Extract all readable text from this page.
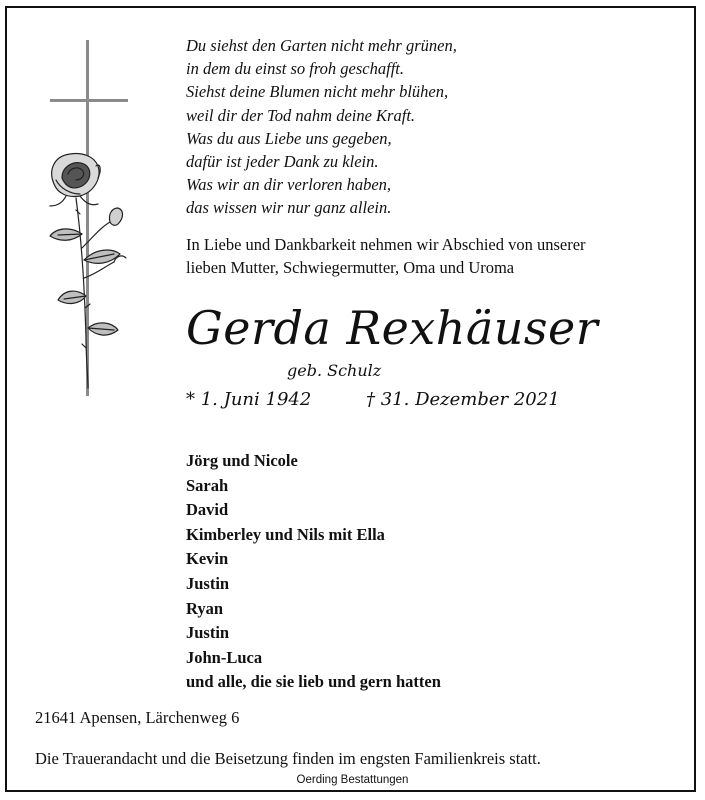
Du siehst den Garten nicht mehr grünen,
in dem du einst so froh geschafft.
Siehst deine Blumen nicht mehr blühen,
weil dir der Tod nahm deine Kraft.
Was du aus Liebe uns gegeben,
dafür ist jeder Dank zu klein.
Was wir an dir verloren haben,
das wissen wir nur ganz allein.
In Liebe und Dankbarkeit nehmen wir Abschied von unserer
lieben Mutter, Schwiegermutter, Oma und Uroma
Gerda Rexhäuser
geb. Schulz
* 1. Juni 1942	† 31. Dezember 2021
Jörg und Nicole
Sarah
David
Kimberley und Nils mit Ella
Kevin
Justin
Ryan
Justin
John-Luca
und alle, die sie lieb und gern hatten
21641 Apensen, Lärchenweg 6
Die Trauerandacht und die Beisetzung finden im engsten Familienkreis statt.
Oerding Bestattungen
